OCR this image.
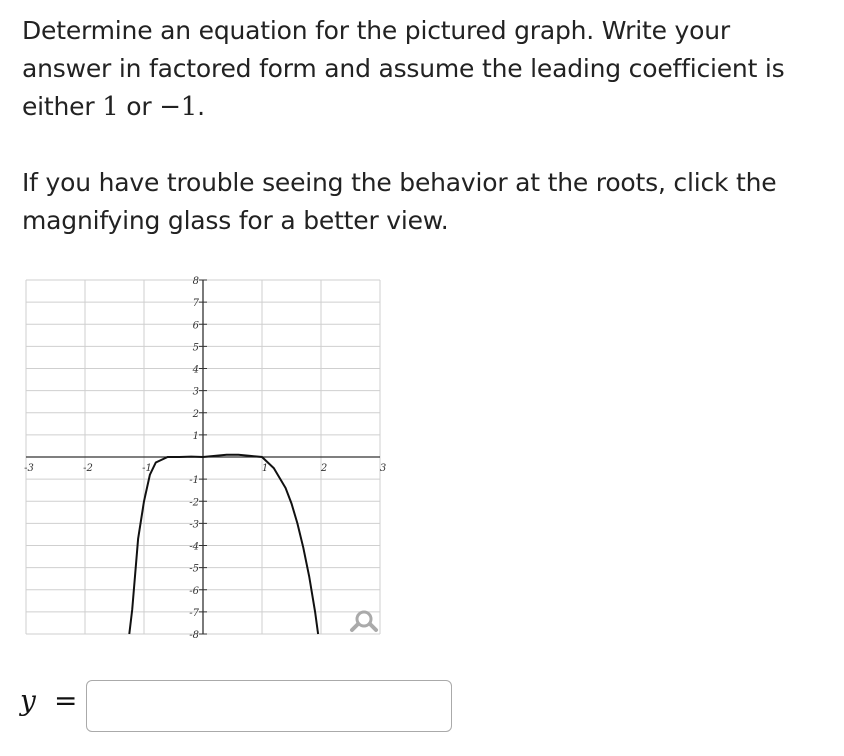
Determine an equation for the pictured graph. Write your
answer in factored form and assume the leading coefficient is
either 1 or −1.

If you have trouble seeing the behavior at the roots, click the
magnifying glass for a better view.

-3	-2	-1	1	2	3
-8
-7
-6
-5
-4
-3
-2
-1
1
2
3
4
5
6
7
8
y =
